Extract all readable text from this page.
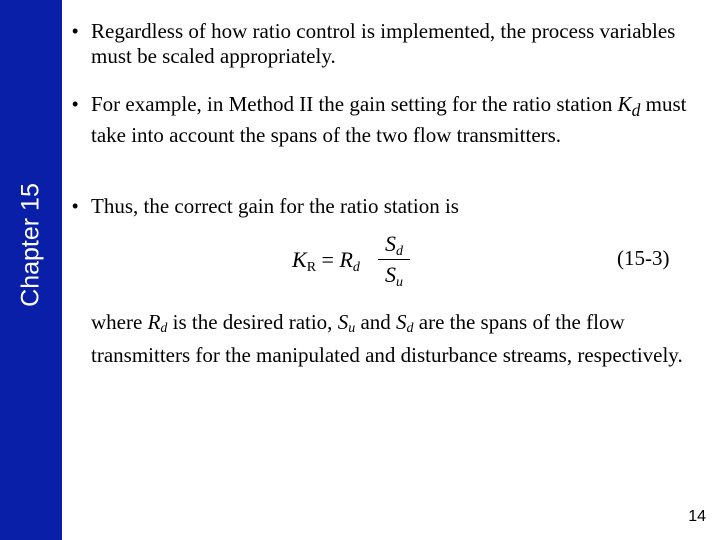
Chapter 15
• Regardless of how ratio control is implemented, the process variables must be scaled appropriately.
• For example, in Method II the gain setting for the ratio station $K_d$ must take into account the spans of the two flow transmitters.
• Thus, the correct gain for the ratio station is
$K_R = R_d$
$S_d$
$S_u$
(15-3)
where $R_d$ is the desired ratio, $S_u$ and $S_d$ are the spans of the flow transmitters for the manipulated and disturbance streams, respectively.
14
